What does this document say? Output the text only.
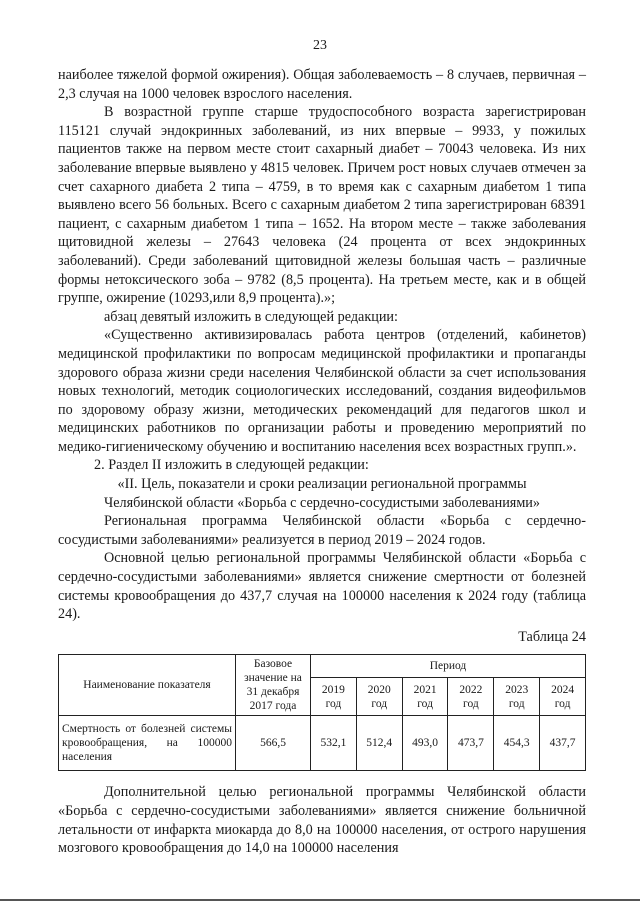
23

наиболее тяжелой формой ожирения). Общая заболеваемость – 8 случаев, первичная – 2,3 случая на 1000 человек взрослого населения.

В возрастной группе старше трудоспособного возраста зарегистрирован 115121 случай эндокринных заболеваний, из них впервые – 9933, у пожилых пациентов также на первом месте стоит сахарный диабет – 70043 человека. Из них заболевание впервые выявлено у 4815 человек. Причем рост новых случаев отмечен за счет сахарного диабета 2 типа – 4759, в то время как с сахарным диабетом 1 типа выявлено всего 56 больных. Всего с сахарным диабетом 2 типа зарегистрирован 68391 пациент, с сахарным диабетом 1 типа – 1652. На втором месте – также заболевания щитовидной железы – 27643 человека (24 процента от всех эндокринных заболеваний). Среди заболеваний щитовидной железы большая часть – различные формы нетоксического зоба – 9782 (8,5 процента). На третьем месте, как и в общей группе, ожирение (10293,или 8,9 процента).»;

абзац девятый изложить в следующей редакции:

«Существенно активизировалась работа центров (отделений, кабинетов) медицинской профилактики по вопросам медицинской профилактики и пропаганды здорового образа жизни среди населения Челябинской области за счет использования новых технологий, методик социологических исследований, создания видеофильмов по здоровому образу жизни, методических рекомендаций для педагогов школ и медицинских работников по организации работы и проведению мероприятий по медико-гигиеническому обучению и воспитанию населения всех возрастных групп.».

2. Раздел II изложить в следующей редакции:

«II. Цель, показатели и сроки реализации региональной программы

Челябинской области «Борьба с сердечно-сосудистыми заболеваниями»

Региональная программа Челябинской области «Борьба с сердечно-сосудистыми заболеваниями» реализуется в период 2019 – 2024 годов.

Основной целью региональной программы Челябинской области «Борьба с сердечно-сосудистыми заболеваниями» является снижение смертности от болезней системы кровообращения до 437,7 случая на 100000 населения к 2024 году (таблица 24).

Таблица 24

Наименование показателя	Базовое значение на 31 декабря 2017 года	Период					
		2019 год	2020 год	2021 год	2022 год	2023 год	2024 год
Смертность от болезней системы кровообращения, на 100000 населения	566,5	532,1	512,4	493,0	473,7	454,3	437,7

Дополнительной целью региональной программы Челябинской области «Борьба с сердечно-сосудистыми заболеваниями» является снижение больничной летальности от инфаркта миокарда до 8,0 на 100000 населения, от острого нарушения мозгового кровообращения до 14,0 на 100000 населения
